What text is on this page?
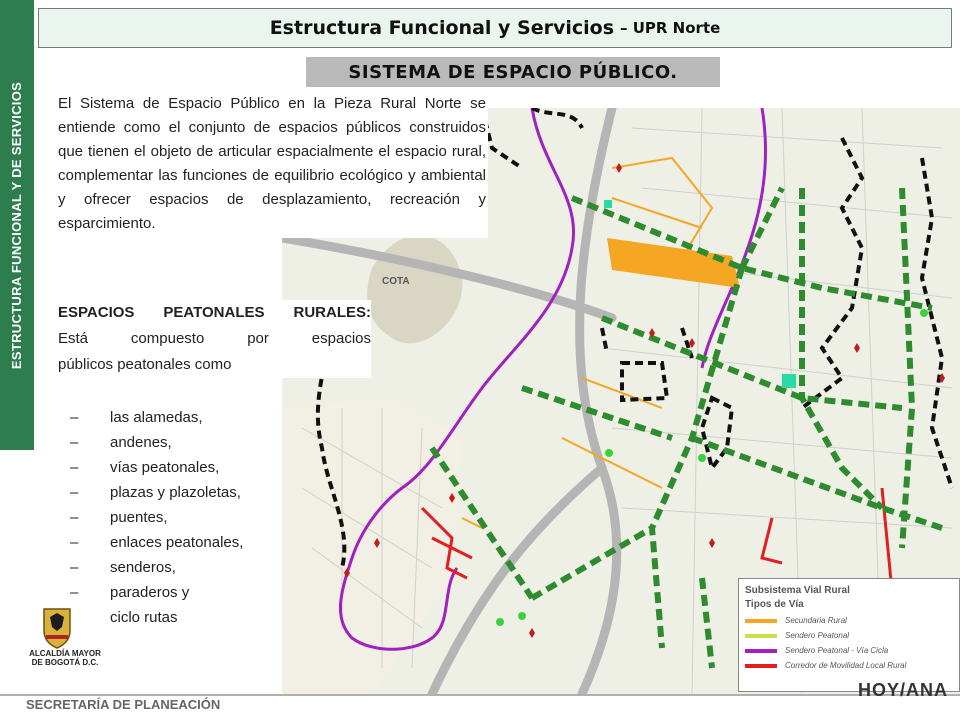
ESTRUCTURA FUNCIONAL Y DE SERVICIOS
Estructura Funcional y Servicios – UPR Norte
SISTEMA DE ESPACIO PÚBLICO.
COTA
El Sistema de Espacio Público en la Pieza Rural Norte se entiende como el conjunto de espacios públicos construidos que tienen el objeto de articular espacialmente el espacio rural, complementar las funciones de equilibrio ecológico y ambiental y ofrecer espacios de desplazamiento, recreación y esparcimiento.
ESPACIOS PEATONALES RURALES:
Está compuesto por espacios
públicos peatonales como
–	las alamedas,
–	andenes,
–	vías peatonales,
–	plazas y plazoletas,
–	puentes,
–	enlaces peatonales,
–	senderos,
–	paraderos y
ciclo rutas
Subsistema Vial Rural
Tipos de Vía
Secundaria Rural
Sendero Peatonal
Sendero Peatonal - Vía Cicla
Corredor de Movilidad Local Rural
ALCALDÍA MAYOR
DE BOGOTÁ D.C.
SECRETARÍA DE PLANEACIÓN
HOY/ANA
